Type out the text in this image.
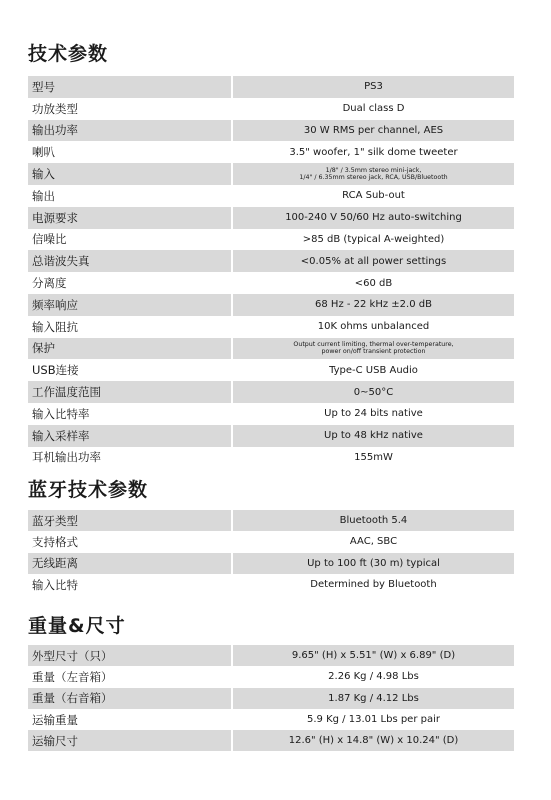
技术参数
型号	PS3
功放类型	Dual class D
输出功率	30 W RMS per channel, AES
喇叭	3.5" woofer, 1" silk dome tweeter
输入	1/8" / 3.5mm stereo mini-jack,
1/4" / 6.35mm stereo jack, RCA, USB/Bluetooth
输出	RCA Sub-out
电源要求	100-240 V 50/60 Hz auto-switching
信噪比	>85 dB (typical A-weighted)
总谐波失真	<0.05% at all power settings
分离度	<60 dB
频率响应	68 Hz - 22 kHz ±2.0 dB
输入阻抗	10K ohms unbalanced
保护	Output current limiting, thermal over-temperature,
power on/off transient protection
USB连接	Type-C USB Audio
工作温度范围	0~50°C
输入比特率	Up to 24 bits native
输入采样率	Up to 48 kHz native
耳机输出功率	155mW
蓝牙技术参数
蓝牙类型	Bluetooth 5.4
支持格式	AAC, SBC
无线距离	Up to 100 ft (30 m) typical
输入比特	Determined by Bluetooth
重量&尺寸
外型尺寸（只）	9.65" (H) x 5.51" (W) x 6.89" (D)
重量（左音箱）	2.26 Kg / 4.98 Lbs
重量（右音箱）	1.87 Kg / 4.12 Lbs
运输重量	5.9 Kg / 13.01 Lbs per pair
运输尺寸	12.6" (H) x 14.8" (W) x 10.24" (D)
